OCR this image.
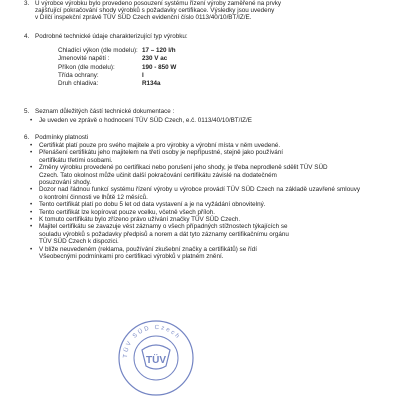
3. U výrobce výrobku bylo provedeno posouzení systému řízení výroby zaměřené na prvky
zajišťující pokračování shody výrobků s požadavky certifikace. Výsledky jsou uvedeny
v Dílčí inspekční zprávě TÜV SÜD Czech evidenční číslo 0113/40/10/BT/IZ/E.
4. Podrobné technické údaje charakterizující typ výrobku:
Chladící výkon (dle modelu): 17 – 120 l/h
Jmenovité napětí :	230 V ac
Příkon (dle modelu):	190 - 850 W
Třída ochrany:	I
Druh chladiva:	R134a
5. Seznam důležitých částí technické dokumentace :
•	Je uveden ve zprávě o hodnocení TÜV SÜD Czech, e.č. 0113/40/10/BT/IZ/E
6. Podmínky platnosti
•	Certifikát platí pouze pro svého majitele a pro výrobky a výrobní místa v něm uvedené.
•	Přenášení certifikátu jeho majitelem na třetí osoby je nepřípustné, stejně jako používání
certifikátu třetími osobami.
•	Změny výrobku provedené po certifikaci nebo porušení jeho shody, je třeba neprodleně sdělit TÜV SÜD
Czech. Tato okolnost může učinit další pokračování certifikátu závislé na dodatečném
posuzování shody.
•	Dozor nad řádnou funkcí systému řízení výroby u výrobce provádí TÜV SÜD Czech na základě uzavřené smlouvy o kontrolní činnosti ve lhůtě 12 měsíců.
•	Tento certifikát platí po dobu 5 let od data vystavení a je na vyžádání obnovitelný.
•	Tento certifikát lze kopírovat pouze vcelku, včetně všech příloh.
•	K tomuto certifikátu bylo zřízeno právo užívání značky TÜV SÜD Czech.
•	Majitel certifikátu se zavazuje vést záznamy o všech případných stížnostech týkajících se
souladu výrobků s požadavky předpisů a norem a dát tyto záznamy certifikačnímu orgánu
TÜV SÜD Czech k dispozici.
•	V blíže neuvedeném (reklama, používání zkušební značky a certifikátů) se řídí
Všeobecnými podmínkami pro certifikaci výrobků v platném znění.
TÜV SÜD Czech
TÜV
